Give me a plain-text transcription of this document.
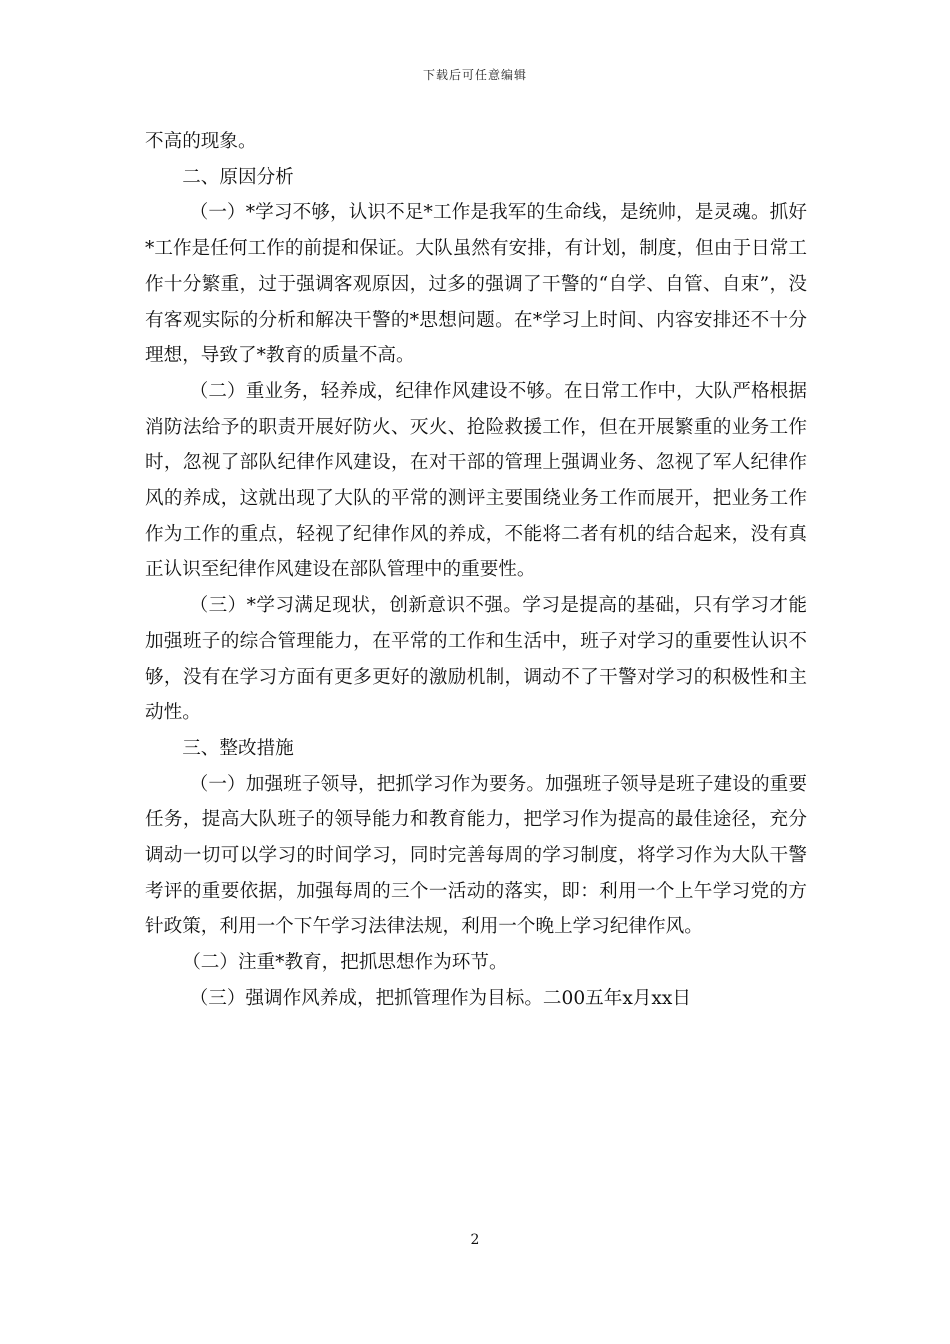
下载后可任意编辑

不高的现象。

二、原因分析

（一）*学习不够，认识不足*工作是我军的生命线，是统帅，是灵魂。抓好*工作是任何工作的前提和保证。大队虽然有安排，有计划，制度，但由于日常工作十分繁重，过于强调客观原因，过多的强调了干警的“自学、自管、自束”，没有客观实际的分析和解决干警的*思想问题。在*学习上时间、内容安排还不十分理想，导致了*教育的质量不高。

（二）重业务，轻养成，纪律作风建设不够。在日常工作中，大队严格根据消防法给予的职责开展好防火、灭火、抢险救援工作，但在开展繁重的业务工作时，忽视了部队纪律作风建设，在对干部的管理上强调业务、忽视了军人纪律作风的养成，这就出现了大队的平常的测评主要围绕业务工作而展开，把业务工作作为工作的重点，轻视了纪律作风的养成，不能将二者有机的结合起来，没有真正认识至纪律作风建设在部队管理中的重要性。

（三）*学习满足现状，创新意识不强。学习是提高的基础，只有学习才能加强班子的综合管理能力，在平常的工作和生活中，班子对学习的重要性认识不够，没有在学习方面有更多更好的激励机制，调动不了干警对学习的积极性和主动性。

三、整改措施

（一）加强班子领导，把抓学习作为要务。加强班子领导是班子建设的重要任务，提高大队班子的领导能力和教育能力，把学习作为提高的最佳途径，充分调动一切可以学习的时间学习，同时完善每周的学习制度，将学习作为大队干警考评的重要依据，加强每周的三个一活动的落实，即：利用一个上午学习党的方针政策，利用一个下午学习法律法规，利用一个晚上学习纪律作风。

（二）注重*教育，把抓思想作为环节。

（三）强调作风养成，把抓管理作为目标。二00五年x月xx日

2
